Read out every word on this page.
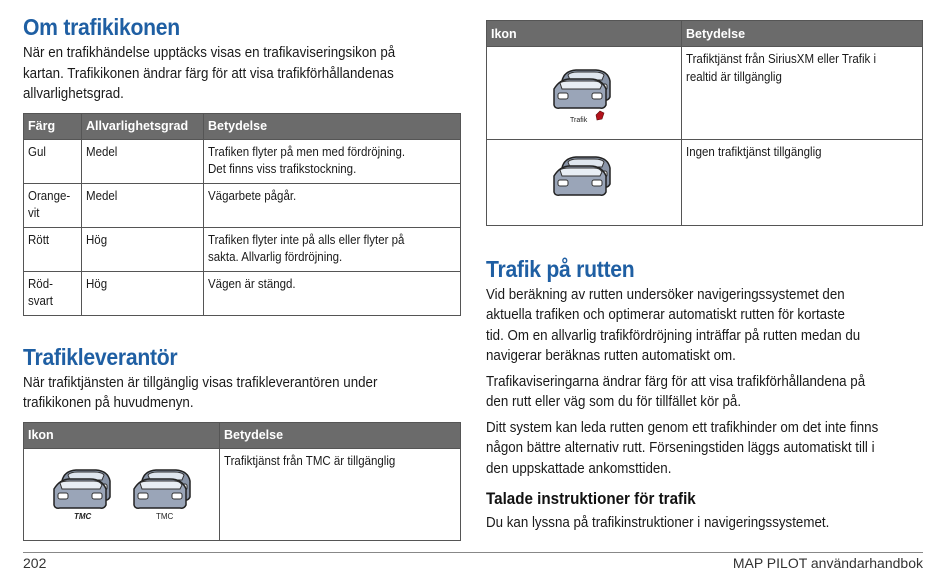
Om trafikikonen

När en trafikhändelse upptäcks visas en trafikaviseringsikon på
kartan. Trafikikonen ändrar färg för att visa trafikförhållandenas
allvarlighetsgrad.

Färg	Allvarlighetsgrad	Betydelse
Gul	Medel	Trafiken flyter på men med fördröjning.
Det finns viss trafikstockning.
Orange-
vit	Medel	Vägarbete pågår.
Rött	Hög	Trafiken flyter inte på alls eller flyter på
sakta. Allvarlig fördröjning.
Röd-
svart	Hög	Vägen är stängd.
Trafikleverantör

När trafiktjänsten är tillgänglig visas trafikleverantören under
trafikikonen på huvudmenyn.

Ikon	Betydelse

TMC TMC	Trafiktjänst från TMC är tillgänglig
Ikon	Betydelse

Trafik	Trafiktjänst från SiriusXM eller Trafik i
realtid är tillgänglig
	Ingen trafiktjänst tillgänglig
Trafik på rutten

Vid beräkning av rutten undersöker navigeringssystemet den
aktuella trafiken och optimerar automatiskt rutten för kortaste
tid. Om en allvarlig trafikfördröjning inträffar på rutten medan du
navigerar beräknas rutten automatiskt om.

Trafikaviseringarna ändrar färg för att visa trafikförhållandena på
den rutt eller väg som du för tillfället kör på.

Ditt system kan leda rutten genom ett trafikhinder om det inte finns
någon bättre alternativ rutt. Förseningstiden läggs automatiskt till i
den uppskattade ankomsttiden.

Talade instruktioner för trafik

Du kan lyssna på trafikinstruktioner i navigeringssystemet.

202	MAP PILOT användarhandbok
